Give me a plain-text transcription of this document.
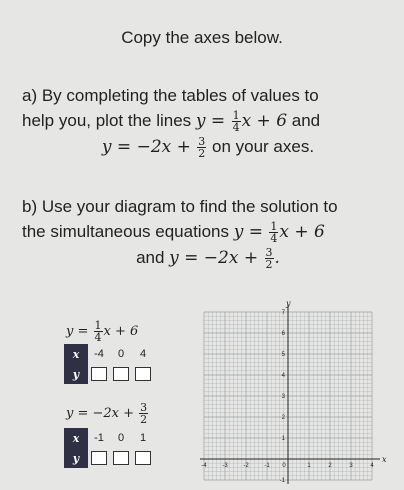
Copy the axes below.
a) By completing the tables of values to
help you, plot the lines $y = \frac{1}{4}$ x + 6 and

$y = -2x + \frac{3}{2}$ on your axes.
b) Use your diagram to find the solution to
the simultaneous equations $y = \frac{1}{4}$ x + 6
and $y = -2x + \frac{3}{2}$ .
$y = \frac{1}{4}$ x + 6
x	-4	0	4
y			
$y = -2x + \frac{3}{2}$
x	-1	0	1
y			
-4	-3	-2	-1 0	1	2	3	4
-1
1
2
3
4
5
6
7
x
y
